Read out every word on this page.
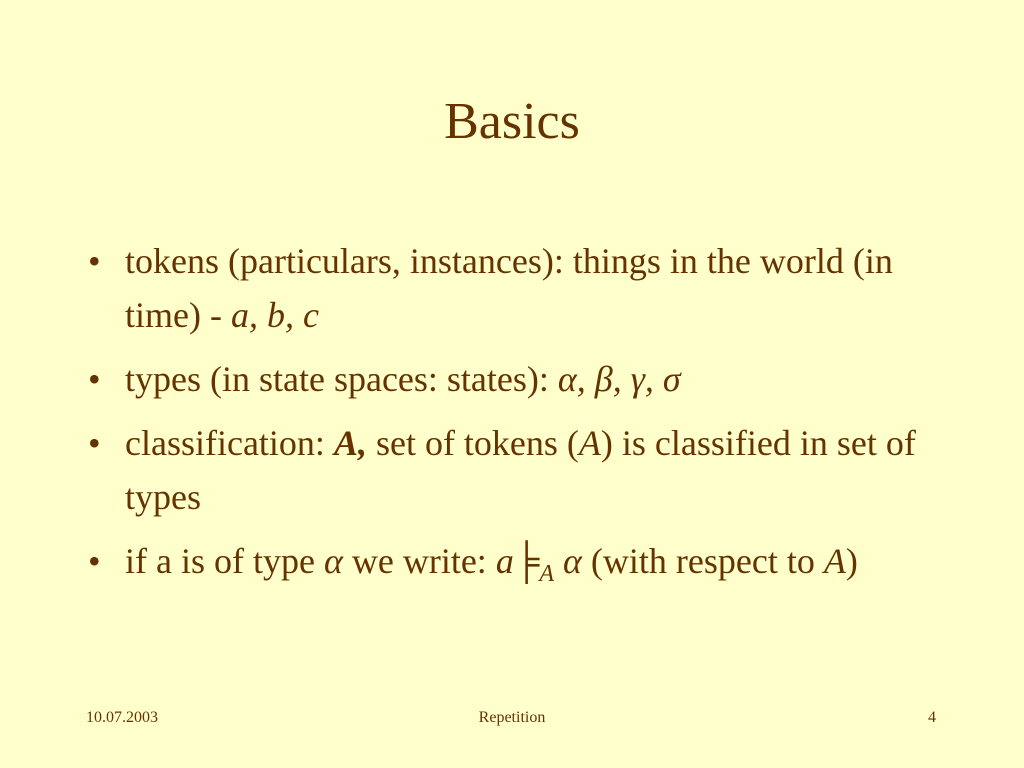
Basics
• tokens (particulars, instances): things in the world (in time) - a, b, c
• types (in state spaces: states): α, β, γ, σ
• classification: A, set of tokens (A) is classified in set of types
• if a is of type α we write: $a╞_A$ α (with respect to A)
10.07.2003	Repetition	4
